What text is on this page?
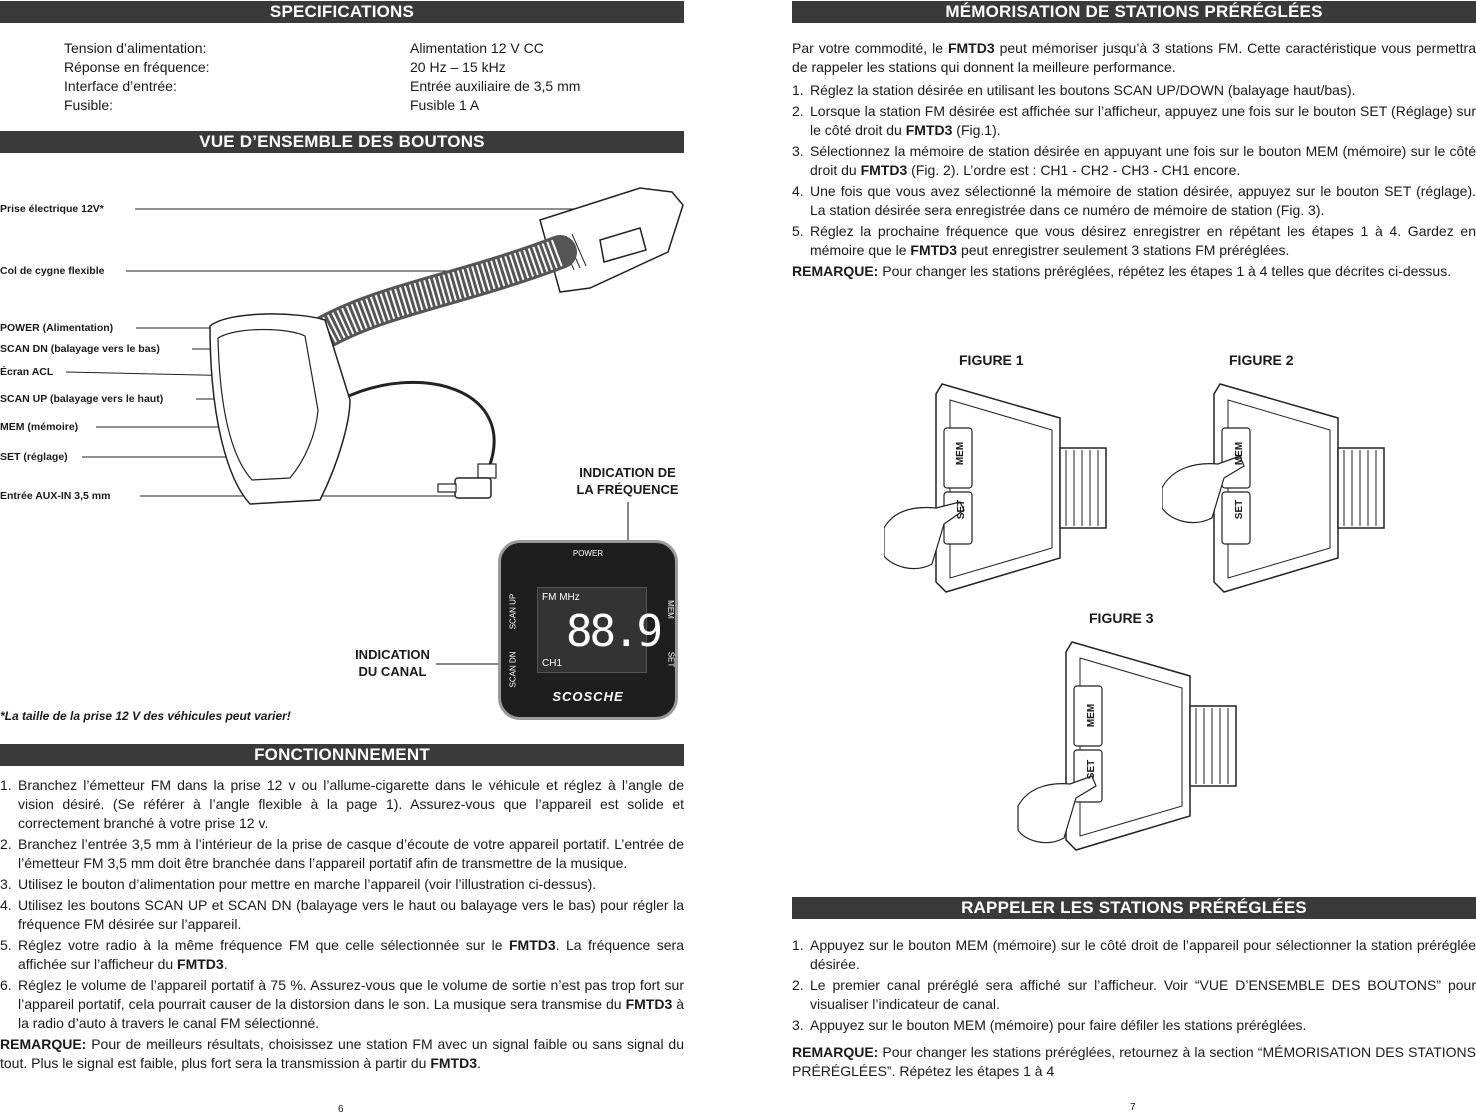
SPECIFICATIONS
Tension d’alimentation:	Alimentation 12 V CC
Réponse en fréquence:	20 Hz – 15 kHz
Interface d’entrée:	Entrée auxiliaire de 3,5 mm
Fusible:	Fusible 1 A
VUE D’ENSEMBLE DES BOUTONS
Prise électrique 12V*
Col de cygne flexible
POWER (Alimentation)
SCAN DN (balayage vers le bas)
Écran ACL
SCAN UP (balayage vers le haut)
MEM (mémoire)
SET (réglage)
Entrée AUX-IN 3,5 mm
INDICATION DE
LA FRÉQUENCE
INDICATION
DU CANAL
POWER
SCAN UP
SCAN DN
MEM
SET
FM MHz
88.9
CH1
SCOSCHE
*La taille de la prise 12 V des véhicules peut varier!
FONCTIONNNEMENT
1. Branchez l’émetteur FM dans la prise 12 v ou l’allume-cigarette dans le véhicule et réglez à l’angle de vision désiré. (Se référer à l’angle flexible à la page 1). Assurez-vous que l’appareil est solide et correctement branché à votre prise 12 v.
2. Branchez l’entrée 3,5 mm à l’intérieur de la prise de casque d’écoute de votre appareil portatif. L’entrée de l’émetteur FM 3,5 mm doit être branchée dans l’appareil portatif afin de transmettre de la musique.
3. Utilisez le bouton d’alimentation pour mettre en marche l’appareil (voir l’illustration ci-dessus).
4. Utilisez les boutons SCAN UP et SCAN DN (balayage vers le haut ou balayage vers le bas) pour régler la fréquence FM désirée sur l’appareil.
5. Réglez votre radio à la même fréquence FM que celle sélectionnée sur le FMTD3. La fréquence sera affichée sur l’afficheur du FMTD3.
6. Réglez le volume de l’appareil portatif à 75 %. Assurez-vous que le volume de sortie n’est pas trop fort sur l’appareil portatif, cela pourrait causer de la distorsion dans le son. La musique sera transmise du FMTD3 à la radio d’auto à travers le canal FM sélectionné.

REMARQUE: Pour de meilleurs résultats, choisissez une station FM avec un signal faible ou sans signal du tout. Plus le signal est faible, plus fort sera la transmission à partir du FMTD3.

6
MÉMORISATION DE STATIONS PRÉRÉGLÉES

Par votre commodité, le FMTD3 peut mémoriser jusqu’à 3 stations FM. Cette caractéristique vous permettra de rappeler les stations qui donnent la meilleure performance.

1. Réglez la station désirée en utilisant les boutons SCAN UP/DOWN (balayage haut/bas).
2. Lorsque la station FM désirée est affichée sur l’afficheur, appuyez une fois sur le bouton SET (Réglage) sur le côté droit du FMTD3 (Fig.1).
3. Sélectionnez la mémoire de station désirée en appuyant une fois sur le bouton MEM (mémoire) sur le côté droit du FMTD3 (Fig. 2). L’ordre est : CH1 - CH2 - CH3 - CH1 encore.
4. Une fois que vous avez sélectionné la mémoire de station désirée, appuyez sur le bouton SET (réglage). La station désirée sera enregistrée dans ce numéro de mémoire de station (Fig. 3).
5. Réglez la prochaine fréquence que vous désirez enregistrer en répétant les étapes 1 à 4. Gardez en mémoire que le FMTD3 peut enregistrer seulement 3 stations FM préréglées.

REMARQUE: Pour changer les stations préréglées, répétez les étapes 1 à 4 telles que décrites ci-dessus.

FIGURE 1	FIGURE 2
FIGURE 3
MEM
SET
MEM
SET
MEM
SET
RAPPELER LES STATIONS PRÉRÉGLÉES
1. Appuyez sur le bouton MEM (mémoire) sur le côté droit de l’appareil pour sélectionner la station préréglée désirée.
2. Le premier canal préréglé sera affiché sur l’afficheur. Voir “VUE D’ENSEMBLE DES BOUTONS” pour visualiser l’indicateur de canal.
3. Appuyez sur le bouton MEM (mémoire) pour faire défiler les stations préréglées.

REMARQUE: Pour changer les stations préréglées, retournez à la section “MÉMORISATION DES STATIONS PRÉRÉGLÉES”. Répétez les étapes 1 à 4

7
